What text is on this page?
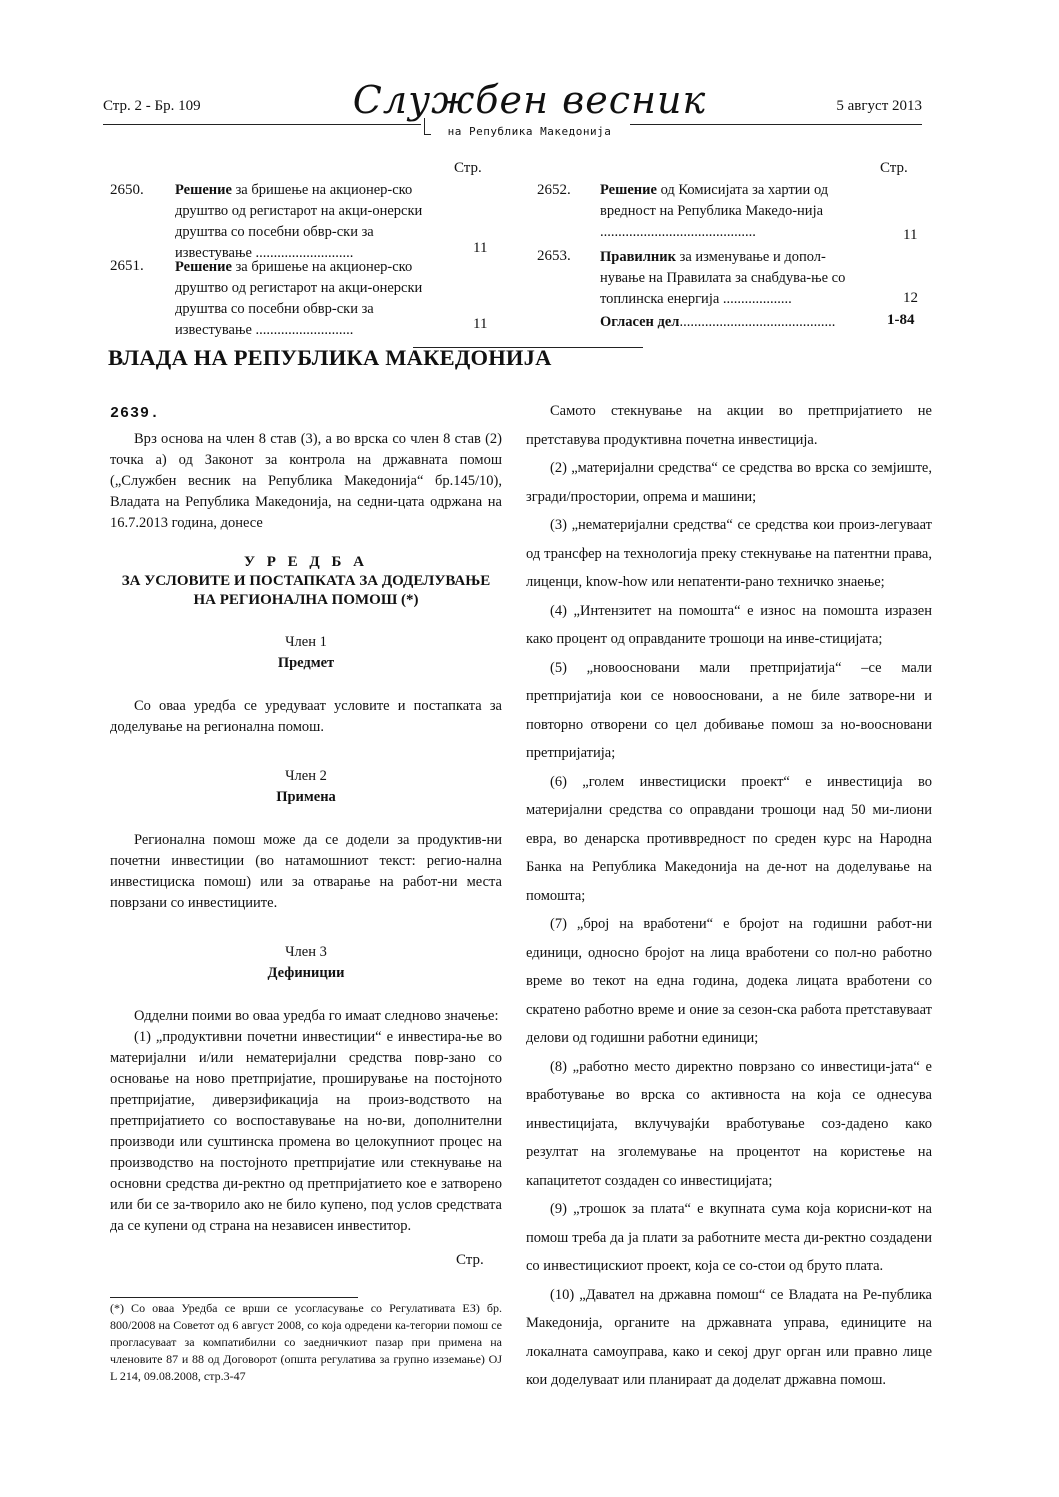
Стр. 2 - Бр. 109	Службен весник
на Република Македонија
5 август 2013
Стр.
2650. Решение за бришење на акционер-ско друштво од регистарот на акци-онерски друштва со посебни обвр-ски за известување ...........................	11
2651. Решение за бришење на акционер-ско друштво од регистарот на акци-онерски друштва со посебни обвр-ски за известување ...........................	11
Стр.
2652. Решение од Комисијата за хартии од вредност на Република Македо-нија ...........................................	11
2653. Правилник за изменување и допол-нување на Правилата за снабдува-ње со топлинска енергија ...................	12
Огласен дел...........................................	1-84
ВЛАДА НА РЕПУБЛИКА МАКЕДОНИЈА
2639.

Врз основа на член 8 став (3), а во врска со член 8 став (2) точка а) од Законот за контрола на државната помош („Службен весник на Република Македонија“ бр.145/10), Владата на Република Македонија, на седни-цата одржана на 16.7.2013 година, донесе

У Р Е Д Б А
ЗА УСЛОВИТЕ И ПОСТАПКАТА ЗА ДОДЕЛУВАЊЕ
НА РЕГИОНАЛНА ПОМОШ (*)

Член 1

Предмет

Со оваа уредба се уредуваат условите и постапката за доделување на регионална помош.

Член 2

Примена

Регионална помош може да се додели за продуктив-ни почетни инвестиции (во натамошниот текст: регио-нална инвестициска помош) или за отварање на работ-ни места поврзани со инвестициите.

Член 3

Дефиниции

Одделни поими во оваа уредба го имаат следново значење:

(1) „продуктивни почетни инвестиции“ е инвестира-ње во материјални и/или нематеријални средства повр-зано со основање на ново претпријатие, проширување на постојното претпријатие, диверзификација на произ-водството на претпријатието со воспоставување на но-ви, дополнителни производи или суштинска промена во целокупниот процес на производство на постојното претпријатие или стекнување на основни средства ди-ректно од претпријатието кое е затворено или би се за-творило ако не било купено, под услов средствата да се купени од страна на независен инвеститор.

Стр.

(*) Со оваа Уредба се врши се усогласување со Регулативата ЕЗ) бр. 800/2008 на Советот од 6 август 2008, со која одредени ка-тегории помош се прогласуваат за компатибилни со заедничкиот пазар при примена на членовите 87 и 88 од Договорот (општа регулатива за групно изземање) OJ L 214, 09.08.2008, стр.3-47

Самото стекнување на акции во претпријатието не претставува продуктивна почетна инвестиција.

(2) „материјални средства“ се средства во врска со земјиште, згради/простории, опрема и машини;

(3) „нематеријални средства“ се средства кои произ-легуваат од трансфер на технологија преку стекнување на патентни права, лиценци, know-how или непатенти-рано техничко знаење;

(4) „Интензитет на помошта“ е износ на помошта изразен како процент од оправданите трошоци на инве-стицијата;

(5) „новоосновани мали претпријатија“ –се мали претпријатија кои се новоосновани, а не биле затворе-ни и повторно отворени со цел добивање помош за но-воосновани претпријатија;

(6) „голем инвестициски проект“ е инвестиција во материјални средства со оправдани трошоци над 50 ми-лиони евра, во денарска противвредност по среден курс на Народна Банка на Република Македонија на де-нот на доделување на помошта;

(7) „број на вработени“ е бројот на годишни работ-ни единици, односно бројот на лица вработени со пол-но работно време во текот на една година, додека лицата вработени со скратено работно време и оние за сезон-ска работа претставуваат делови од годишни работни единици;

(8) „работно место директно поврзано со инвестици-јата“ е вработување во врска со активноста на која се однесува инвестицијата, вклучувајќи вработување соз-дадено како резултат на зголемување на процентот на користење на капацитетот создаден со инвестицијата;

(9) „трошок за плата“ е вкупната сума која корисни-кот на помош треба да ја плати за работните места ди-ректно создадени со инвестицискиот проект, која се со-стои од бруто плата.

(10) „Давател на државна помош“ се Владата на Ре-публика Македонија, органите на државната управа, единиците на локалната самоуправа, како и секој друг орган или правно лице кои доделуваат или планираат да доделат државна помош.
